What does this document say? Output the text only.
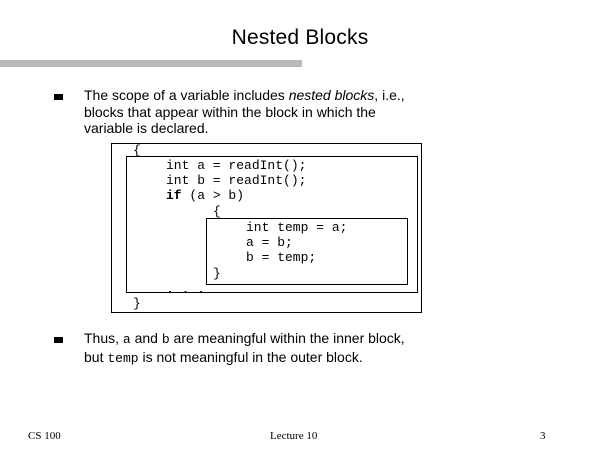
Nested Blocks
The scope of a variable includes nested blocks, i.e.,
blocks that appear within the block in which the
variable is declared.
{
int a = readInt();
int b = readInt();
if (a > b)
{
int temp = a;
a = b;
b = temp;
}
. . .
}
Thus, a and b are meaningful within the inner block,
but temp is not meaningful in the outer block.
CS 100	Lecture 10	3
